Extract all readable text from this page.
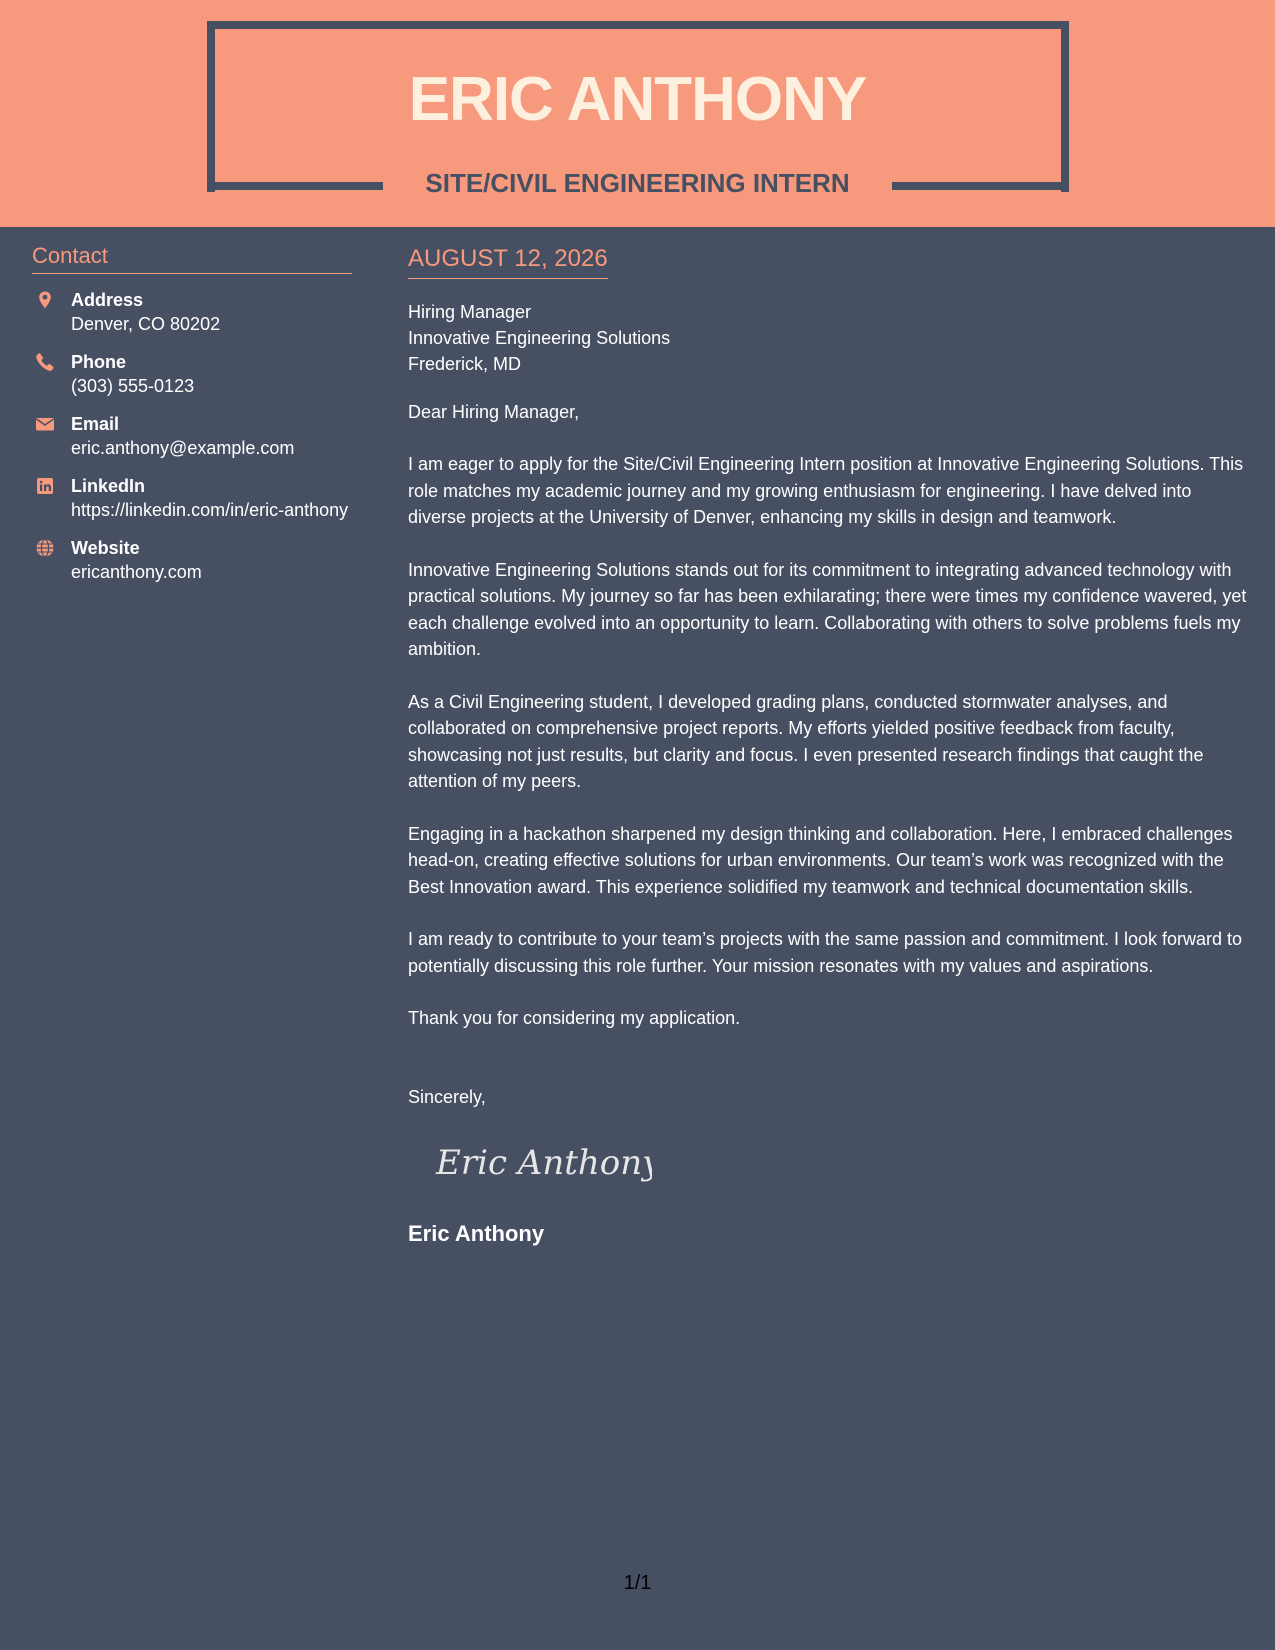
ERIC ANTHONY
SITE/CIVIL ENGINEERING INTERN
Contact
Address
Denver, CO 80202
Phone
(303) 555-0123
Email
eric.anthony@example.com
LinkedIn
https://linkedin.com/in/eric-anthony
Website
ericanthony.com
AUGUST 12, 2026
Hiring Manager
Innovative Engineering Solutions
Frederick, MD
Dear Hiring Manager,
I am eager to apply for the Site/Civil Engineering Intern position at Innovative Engineering Solutions. This role matches my academic journey and my growing enthusiasm for engineering. I have delved into diverse projects at the University of Denver, enhancing my skills in design and teamwork.
Innovative Engineering Solutions stands out for its commitment to integrating advanced technology with practical solutions. My journey so far has been exhilarating; there were times my confidence wavered, yet each challenge evolved into an opportunity to learn. Collaborating with others to solve problems fuels my ambition.
As a Civil Engineering student, I developed grading plans, conducted stormwater analyses, and collaborated on comprehensive project reports. My efforts yielded positive feedback from faculty, showcasing not just results, but clarity and focus. I even presented research findings that caught the attention of my peers.
Engaging in a hackathon sharpened my design thinking and collaboration. Here, I embraced challenges head-on, creating effective solutions for urban environments. Our team’s work was recognized with the Best Innovation award. This experience solidified my teamwork and technical documentation skills.
I am ready to contribute to your team’s projects with the same passion and commitment. I look forward to potentially discussing this role further. Your mission resonates with my values and aspirations.
Thank you for considering my application.
Sincerely,
Eric Anthony
Eric Anthony
1/1
